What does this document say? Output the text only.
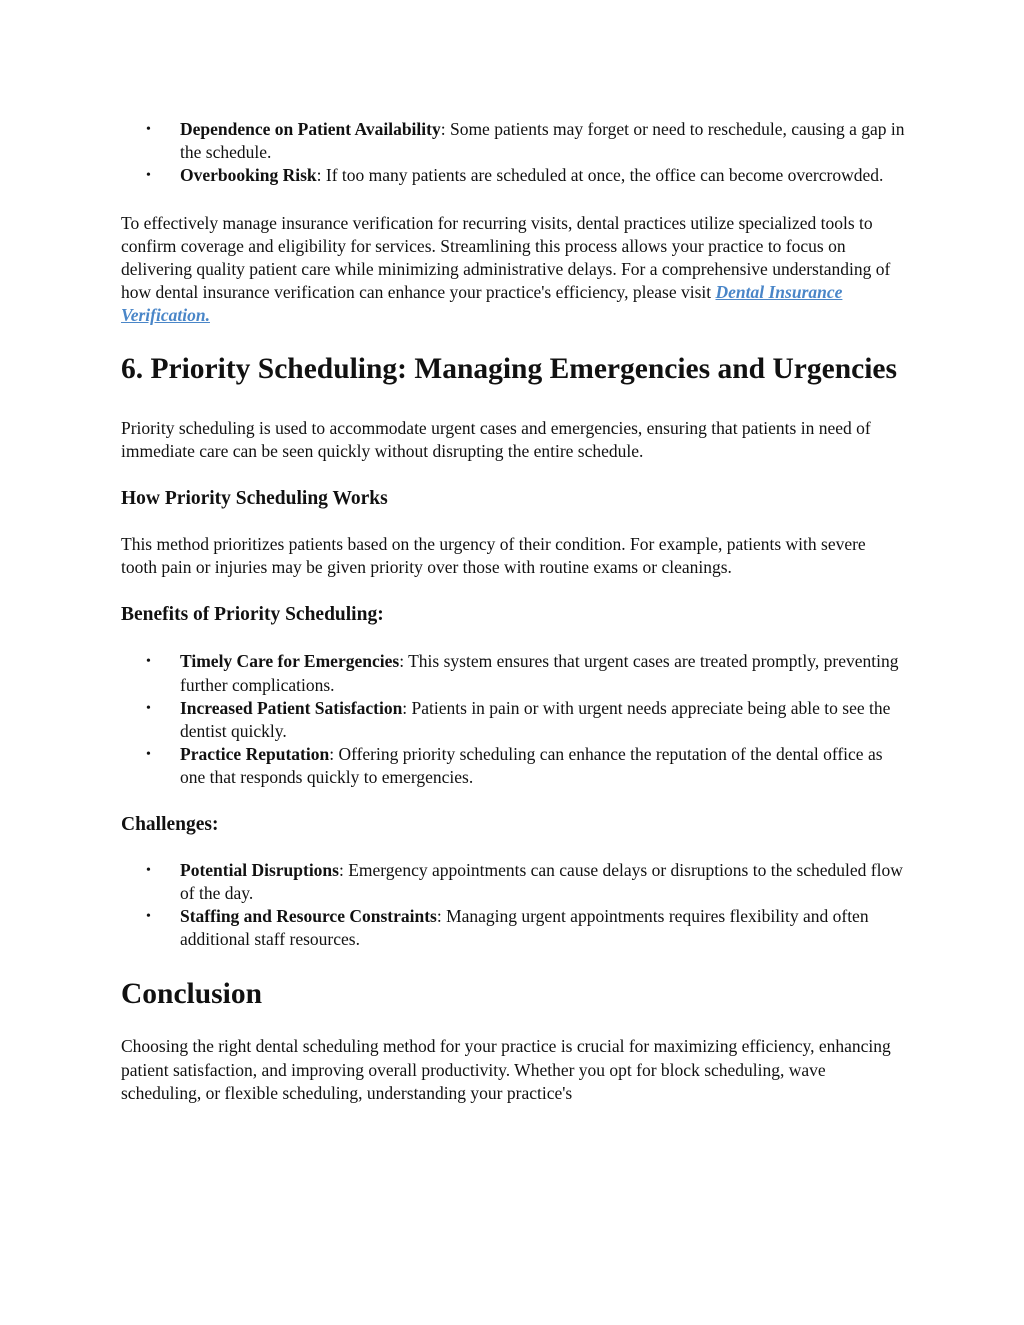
• Dependence on Patient Availability: Some patients may forget or need to reschedule, causing a gap in the schedule.
• Overbooking Risk: If too many patients are scheduled at once, the office can become overcrowded.

To effectively manage insurance verification for recurring visits, dental practices utilize specialized tools to confirm coverage and eligibility for services. Streamlining this process allows your practice to focus on delivering quality patient care while minimizing administrative delays. For a comprehensive understanding of how dental insurance verification can enhance your practice's efficiency, please visit Dental Insurance Verification.

6. Priority Scheduling: Managing Emergencies and Urgencies

Priority scheduling is used to accommodate urgent cases and emergencies, ensuring that patients in need of immediate care can be seen quickly without disrupting the entire schedule.

How Priority Scheduling Works

This method prioritizes patients based on the urgency of their condition. For example, patients with severe tooth pain or injuries may be given priority over those with routine exams or cleanings.

Benefits of Priority Scheduling:
• Timely Care for Emergencies: This system ensures that urgent cases are treated promptly, preventing further complications.
• Increased Patient Satisfaction: Patients in pain or with urgent needs appreciate being able to see the dentist quickly.
• Practice Reputation: Offering priority scheduling can enhance the reputation of the dental office as one that responds quickly to emergencies.
Challenges:
• Potential Disruptions: Emergency appointments can cause delays or disruptions to the scheduled flow of the day.
• Staffing and Resource Constraints: Managing urgent appointments requires flexibility and often additional staff resources.
Conclusion

Choosing the right dental scheduling method for your practice is crucial for maximizing efficiency, enhancing patient satisfaction, and improving overall productivity. Whether you opt for block scheduling, wave scheduling, or flexible scheduling, understanding your practice's
